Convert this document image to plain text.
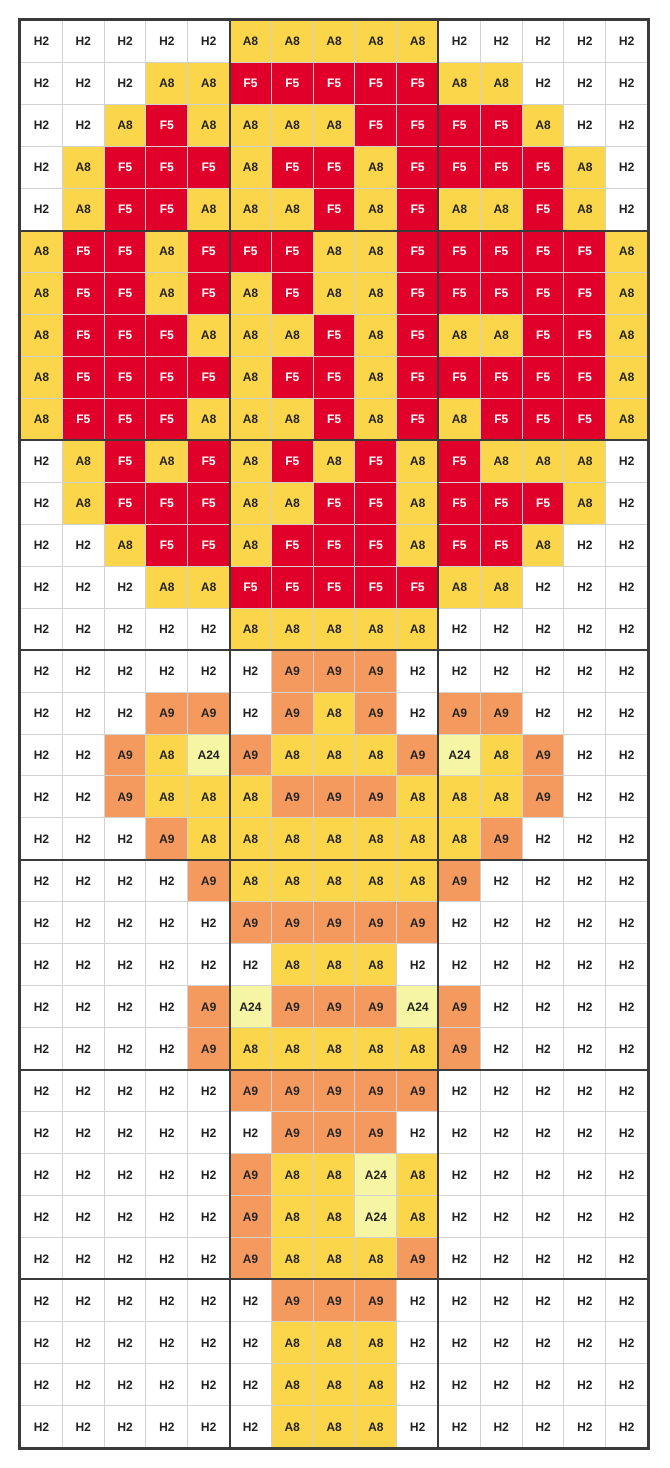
H2	H2	H2	H2	H2	A8	A8	A8	A8	A8	H2	H2	H2	H2	H2
H2	H2	H2	A8	A8	F5	F5	F5	F5	F5	A8	A8	H2	H2	H2
H2	H2	A8	F5	A8	A8	A8	A8	F5	F5	F5	F5	A8	H2	H2
H2	A8	F5	F5	F5	A8	F5	F5	A8	F5	F5	F5	F5	A8	H2
H2	A8	F5	F5	A8	A8	A8	F5	A8	F5	A8	A8	F5	A8	H2
A8	F5	F5	A8	F5	F5	F5	A8	A8	F5	F5	F5	F5	F5	A8
A8	F5	F5	A8	F5	A8	F5	A8	A8	F5	F5	F5	F5	F5	A8
A8	F5	F5	F5	A8	A8	A8	F5	A8	F5	A8	A8	F5	F5	A8
A8	F5	F5	F5	F5	A8	F5	F5	A8	F5	F5	F5	F5	F5	A8
A8	F5	F5	F5	A8	A8	A8	F5	A8	F5	A8	F5	F5	F5	A8
H2	A8	F5	A8	F5	A8	F5	A8	F5	A8	F5	A8	A8	A8	H2
H2	A8	F5	F5	F5	A8	A8	F5	F5	A8	F5	F5	F5	A8	H2
H2	H2	A8	F5	F5	A8	F5	F5	F5	A8	F5	F5	A8	H2	H2
H2	H2	H2	A8	A8	F5	F5	F5	F5	F5	A8	A8	H2	H2	H2
H2	H2	H2	H2	H2	A8	A8	A8	A8	A8	H2	H2	H2	H2	H2
H2	H2	H2	H2	H2	H2	A9	A9	A9	H2	H2	H2	H2	H2	H2
H2	H2	H2	A9	A9	H2	A9	A8	A9	H2	A9	A9	H2	H2	H2
H2	H2	A9	A8	A24	A9	A8	A8	A8	A9	A24	A8	A9	H2	H2
H2	H2	A9	A8	A8	A8	A9	A9	A9	A8	A8	A8	A9	H2	H2
H2	H2	H2	A9	A8	A8	A8	A8	A8	A8	A8	A9	H2	H2	H2
H2	H2	H2	H2	A9	A8	A8	A8	A8	A8	A9	H2	H2	H2	H2
H2	H2	H2	H2	H2	A9	A9	A9	A9	A9	H2	H2	H2	H2	H2
H2	H2	H2	H2	H2	H2	A8	A8	A8	H2	H2	H2	H2	H2	H2
H2	H2	H2	H2	A9	A24	A9	A9	A9	A24	A9	H2	H2	H2	H2
H2	H2	H2	H2	A9	A8	A8	A8	A8	A8	A9	H2	H2	H2	H2
H2	H2	H2	H2	H2	A9	A9	A9	A9	A9	H2	H2	H2	H2	H2
H2	H2	H2	H2	H2	H2	A9	A9	A9	H2	H2	H2	H2	H2	H2
H2	H2	H2	H2	H2	A9	A8	A8	A24	A8	H2	H2	H2	H2	H2
H2	H2	H2	H2	H2	A9	A8	A8	A24	A8	H2	H2	H2	H2	H2
H2	H2	H2	H2	H2	A9	A8	A8	A8	A9	H2	H2	H2	H2	H2
H2	H2	H2	H2	H2	H2	A9	A9	A9	H2	H2	H2	H2	H2	H2
H2	H2	H2	H2	H2	H2	A8	A8	A8	H2	H2	H2	H2	H2	H2
H2	H2	H2	H2	H2	H2	A8	A8	A8	H2	H2	H2	H2	H2	H2
H2	H2	H2	H2	H2	H2	A8	A8	A8	H2	H2	H2	H2	H2	H2
